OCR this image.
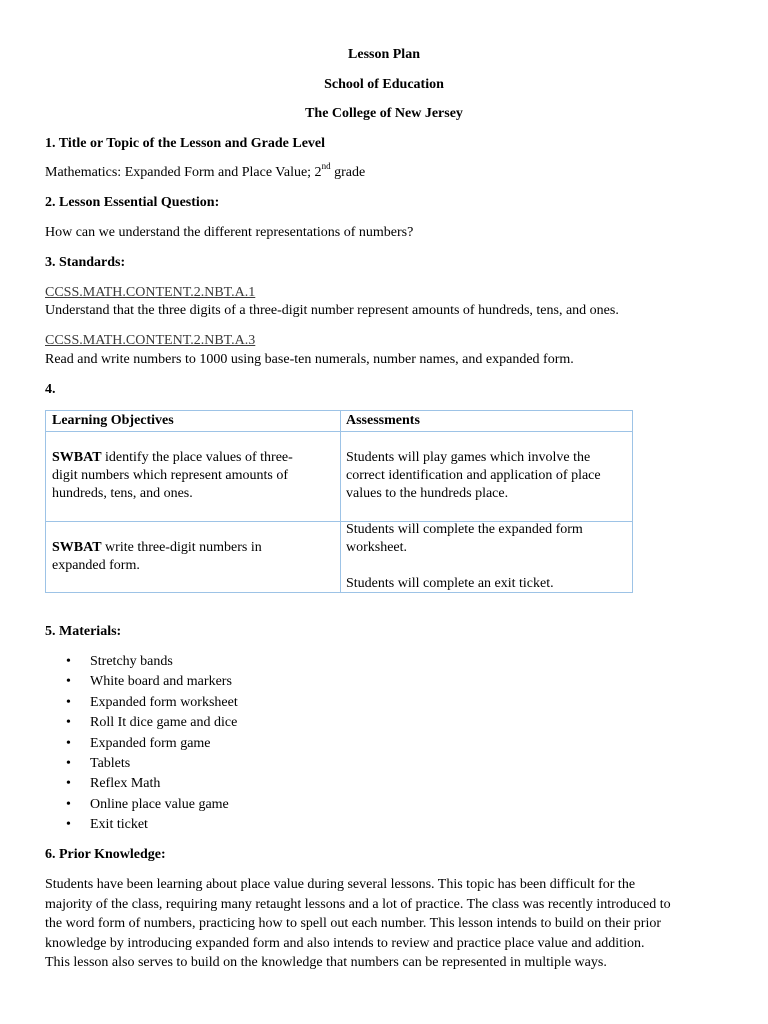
Lesson Plan
School of Education
The College of New Jersey
1. Title or Topic of the Lesson and Grade Level
Mathematics: Expanded Form and Place Value; 2nd grade
2. Lesson Essential Question:
How can we understand the different representations of numbers?
3. Standards:
CCSS.MATH.CONTENT.2.NBT.A.1
Understand that the three digits of a three-digit number represent amounts of hundreds, tens, and ones.
CCSS.MATH.CONTENT.2.NBT.A.3
Read and write numbers to 1000 using base-ten numerals, number names, and expanded form.
4.
Learning Objectives	Assessments
SWBAT identify the place values of three-
digit numbers which represent amounts of
hundreds, tens, and ones.
Students will play games which involve the
correct identification and application of place
values to the hundreds place.
SWBAT write three-digit numbers in
expanded form.
Students will complete the expanded form
worksheet.
Students will complete an exit ticket.
5. Materials:
• Stretchy bands
• White board and markers
• Expanded form worksheet
• Roll It dice game and dice
• Expanded form game
• Tablets
• Reflex Math
• Online place value game
• Exit ticket
6. Prior Knowledge:
Students have been learning about place value during several lessons. This topic has been difficult for the
majority of the class, requiring many retaught lessons and a lot of practice. The class was recently introduced to
the word form of numbers, practicing how to spell out each number. This lesson intends to build on their prior
knowledge by introducing expanded form and also intends to review and practice place value and addition.
This lesson also serves to build on the knowledge that numbers can be represented in multiple ways.
